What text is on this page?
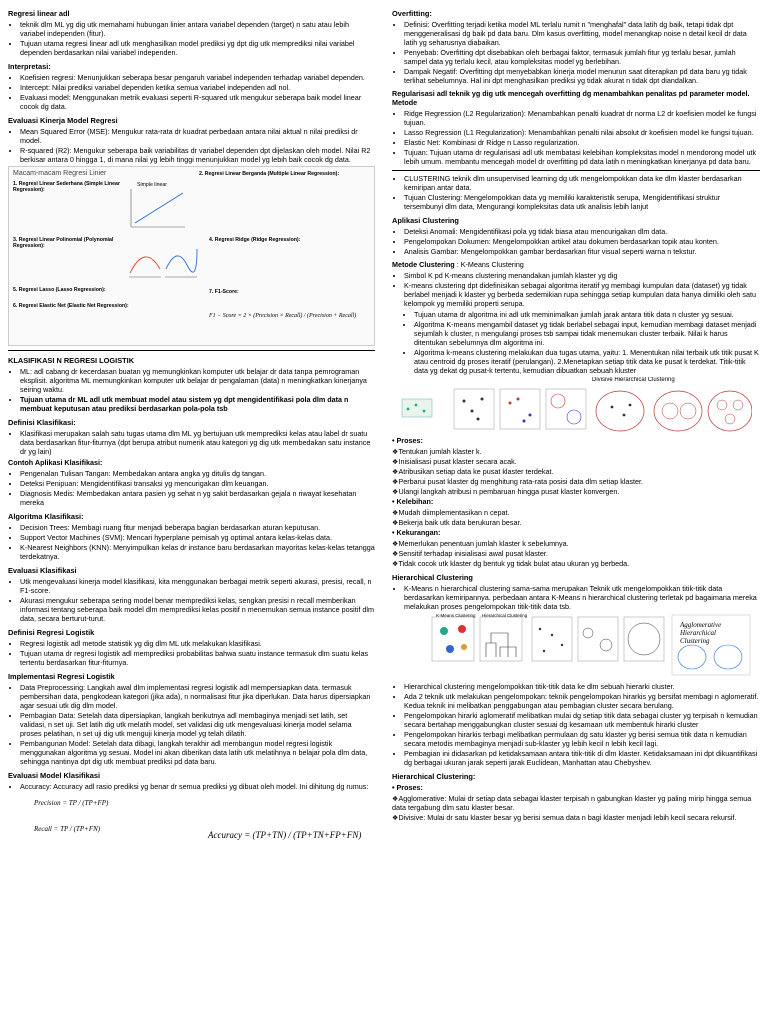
Regresi linear adl
• teknik dlm ML yg dig utk memahami hubungan linier antara variabel dependen (target) n satu atau lebih variabel independen (fitur).
• Tujuan utama regresi linear adl utk menghasilkan model prediksi yg dpt dig utk memprediksi nilai variabel dependen berdasarkan nilai variabel independen.
Interpretasi:
• Koefisien regresi: Menunjukkan seberapa besar pengaruh variabel independen terhadap variabel dependen.
• Intercept: Nilai prediksi variabel dependen ketika semua variabel independen adl nol.
• Evaluasi model: Menggunakan metrik evaluasi seperti R-squared utk mengukur seberapa baik model linear cocok dg data.
Evaluasi Kinerja Model Regresi
• Mean Squared Error (MSE): Mengukur rata-rata dr kuadrat perbedaan antara nilai aktual n nilai prediksi dr model.
• R-squared (R2): Mengukur seberapa baik variabilitas dr variabel dependen dpt dijelaskan oleh model. Nilai R2 berkisar antara 0 hingga 1, di mana nilai yg lebih tinggi menunjukkan model yg lebih baik cocok dg data.
Macam-macam Regresi Linier
1. Regresi Linear Sederhana (Simple Linear Regression):
Simple linear
2. Regresi Linear Berganda (Multiple Linear Regression):
3. Regresi Linear Polinomial (Polynomial Regression):
4. Regresi Ridge (Ridge Regression):
5. Regresi Lasso (Lasso Regression):
6. Regresi Elastic Net (Elastic Net Regression):
7. F1-Score:
F1 − Score = 2 × (Precision × Recall) / (Precision + Recall)
KLASIFIKASI N REGRESI LOGISTIK
• ML: adl cabang dr kecerdasan buatan yg memungkinkan komputer utk belajar dr data tanpa pemrograman eksplisit. algoritma ML memungkinkan komputer utk belajar dr pengalaman (data) n meningkatkan kinerjanya seiring waktu.
• Tujuan utama dr ML adl utk membuat model atau sistem yg dpt mengidentifikasi pola dlm data n membuat keputusan atau prediksi berdasarkan pola-pola tsb
Definisi Klasifikasi:
• Klasifikasi merupakan salah satu tugas utama dlm ML yg bertujuan utk memprediksi kelas atau label dr suatu data berdasarkan fitur-fiturnya (dpt berupa atribut numerik atau kategori yg dig utk membedakan satu instance dr yg lain)

Contoh Aplikasi Klasifikasi:

• Pengenalan Tulisan Tangan: Membedakan antara angka yg ditulis dg tangan.
• Deteksi Penipuan: Mengidentifikasi transaksi yg mencurigakan dlm keuangan.
• Diagnosis Medis: Membedakan antara pasien yg sehat n yg sakit berdasarkan gejala n riwayat kesehatan mereka
Algoritma Klasifikasi:
• Decision Trees: Membagi ruang fitur menjadi beberapa bagian berdasarkan aturan keputusan.
• Support Vector Machines (SVM): Mencari hyperplane pemisah yg optimal antara kelas-kelas data.
• K-Nearest Neighbors (KNN): Menyimpulkan kelas dr instance baru berdasarkan mayoritas kelas-kelas tetangga terdekatnya.
Evaluasi Klasifikasi
• Utk mengevaluasi kinerja model klasifikasi, kita menggunakan berbagai metrik seperti akurasi, presisi, recall, n F1-score.
• Akurasi mengukur seberapa sering model benar memprediksi kelas, sengkan presisi n recall memberikan informasi tentang seberapa baik model dlm memprediksi kelas positif n menemukan semua instance positif dlm data, secara berturut-turut.
Definisi Regresi Logistik
• Regresi logistik adl metode statistik yg dig dlm ML utk melakukan klasifikasi.
• Tujuan utama dr regresi logistik adl memprediksi probabilitas bahwa suatu instance termasuk dlm suatu kelas tertentu berdasarkan fitur-fiturnya.
Implementasi Regresi Logistik
• Data Preprocessing: Langkah awal dlm implementasi regresi logistik adl mempersiapkan data. termasuk pembersihan data, pengkodean kategori (jika ada), n normalisasi fitur jika diperlukan. Data harus dipersiapkan agar sesuai utk dig dlm model.
• Pembagian Data: Setelah data dipersiapkan, langkah berikutnya adl membaginya menjadi set latih, set validasi, n set uji. Set latih dig utk melatih model, set validasi dig utk mengevaluasi kinerja model selama proses pelatihan, n set uji dig utk menguji kinerja model yg telah dilatih.
• Pembangunan Model: Setelah data dibagi, langkah terakhir adl membangun model regresi logistik menggunakan algoritma yg sesuai. Model ini akan diberikan data latih utk melatihnya n belajar pola dlm data, sehingga nantinya dpt dig utk membuat prediksi pd data baru.
Evaluasi Model Klasifikasi
• Accuracy: Accuracy adl rasio prediksi yg benar dr semua prediksi yg dibuat oleh model. Ini dihitung dg rumus:
Precision = TP / (TP+FP)
Recall = TP / (TP+FN)
Accuracy = (TP+TN) / (TP+TN+FP+FN)
Overfitting:
• Definisi: Overfitting terjadi ketika model ML terlalu rumit n "menghafal" data latih dg baik, tetapi tidak dpt menggeneralisasi dg baik pd data baru. Dlm kasus overfitting, model menangkap noise n detail kecil dr data latih yg seharusnya diabaikan.
• Penyebab: Overfitting dpt disebabkan oleh berbagai faktor, termasuk jumlah fitur yg terlalu besar, jumlah sampel data yg terlalu kecil, atau kompleksitas model yg berlebihan.
• Dampak Negatif: Overfitting dpt menyebabkan kinerja model menurun saat diterapkan pd data baru yg tidak terlihat sebelumnya. Hal ini dpt menghasilkan prediksi yg tidak akurat n tidak dpt diandalkan.

Regularisasi adl teknik yg dig utk mencegah overfitting dg menambahkan penalitas pd parameter model. Metode

• Ridge Regression (L2 Regularization): Menambahkan penalti kuadrat dr norma L2 dr koefisien model ke fungsi tujuan.
• Lasso Regression (L1 Regularization): Menambahkan penalti nilai absolut dr koefisien model ke fungsi tujuan.
• Elastic Net: Kombinasi dr Ridge n Lasso regularization.
• Tujuan: Tujuan utama dr regularisasi adl utk membatasi kelebihan kompleksitas model n mendorong model utk lebih umum. membantu mencegah model dr overfitting pd data latih n meningkatkan kinerjanya pd data baru.
• CLUSTERING teknik dlm unsupervised learning dg utk mengelompokkan data ke dlm klaster berdasarkan kemiripan antar data.
• Tujuan Clustering: Mengelompokkan data yg memiliki karakteristik serupa, Mengidentifikasi struktur tersembunyi dlm data, Mengurangi kompleksitas data utk analisis lebih lanjut
Aplikasi Clustering
• Deteksi Anomali: Mengidentifikasi pola yg tidak biasa atau mencurigakan dlm data.
• Pengelompokan Dokumen: Mengelompokkan artikel atau dokumen berdasarkan topik atau konten.
• Analisis Gambar: Mengelompokkan gambar berdasarkan fitur visual seperti warna n tekstur.

Metode Clustering : K-Means Clustering

• Simbol K pd K-means clustering menandakan jumlah klaster yg dig
• K-means clustering dpt didefinisikan sebagai algoritma iteratif yg membagi kumpulan data (dataset) yg tidak berlabel menjadi k klaster yg berbeda sedemikian rupa sehingga setiap kumpulan data hanya dimiliki oleh satu kelompok yg memiliki properti serupa.
• Tujuan utama dr algoritma ini adl utk meminimalkan jumlah jarak antara titik data n cluster yg sesuai.
• Algoritma K-means mengambil dataset yg tidak berlabel sebagai input, kemudian membagi dataset menjadi sejumlah k cluster, n mengulangi proses tsb sampai tidak menemukan cluster terbaik. Nilai k harus ditentukan sebelumnya dlm algoritma ini.
• Algoritma k-means clustering melakukan dua tugas utama, yaitu: 1. Menentukan nilai terbaik utk titik pusat K atau centroid dg proses iteratif (perulangan). 2.Menetapkan setiap titik data ke pusat k terdekat. Titik-titik data yg dekat dg pusat-k tertentu, kemudian dibuatkan sebuah kluster
Divisive Hierarchical Clustering

• Proses:

❖Tentukan jumlah klaster k.
❖Inisialisasi pusat klaster secara acak.
❖Atribusikan setiap data ke pusat klaster terdekat.
❖Perbarui pusat klaster dg menghitung rata-rata posisi data dlm setiap klaster.
❖Ulangi langkah atribusi n pembaruan hingga pusat klaster konvergen.

• Kelebihan:

❖Mudah diimplementasikan n cepat.
❖Bekerja baik utk data berukuran besar.

• Kekurangan:

❖Memerlukan penentuan jumlah klaster k sebelumnya.
❖Sensitif terhadap inisialisasi awal pusat klaster.
❖Tidak cocok utk klaster dg bentuk yg tidak bulat atau ukuran yg berbeda.
Hierarchical Clustering
• K-Means n hierarchical clustering sama-sama merupakan Teknik utk mengelompokkan titik-titik data berdasarkan kemiripannya. perbedaan antara K-Means n hierarchical clustering terletak pd bagaimana mereka melakukan proses pengelompokan titik-titik data tsb.
K-Means Clustering Hierarchical Clustering
Agglomerative Hierarchical Clustering
• Hierarchical clustering mengelompokkan titik-titik data ke dlm sebuah hierarki cluster.
• Ada 2 teknik utk melakukan pengelompokan: teknik pengelompokan hirarkis yg bersifat membagi n aglomeratif. Kedua teknik ini melibatkan penggabungan atau pembagian cluster secara berulang.
• Pengelompokan hirarki aglomeratif melibatkan mulai dg setiap titik data sebagai cluster yg terpisah n kemudian secara bertahap menggabungkan cluster sesuai dg kesamaan utk membentuk hirarki cluster
• Pengelompokan hirarkis terbagi melibatkan permulaan dg satu klaster yg berisi semua titik data n kemudian secara metodis membaginya menjadi sub-klaster yg lebih kecil n lebih kecil lagi.
• Pembagian ini didasarkan pd ketidaksamaan antara titik-titik di dlm klaster. Ketidaksamaan ini dpt dikuantifikasi dg berbagai ukuran jarak seperti jarak Euclidean, Manhattan atau Chebyshev.
Hierarchical Clustering:

• Proses:

❖Agglomerative: Mulai dr setiap data sebagai klaster terpisah n gabungkan klaster yg paling mirip hingga semua data tergabung dlm satu klaster besar.
❖Divisive: Mulai dr satu klaster besar yg berisi semua data n bagi klaster menjadi lebih kecil secara rekursif.
